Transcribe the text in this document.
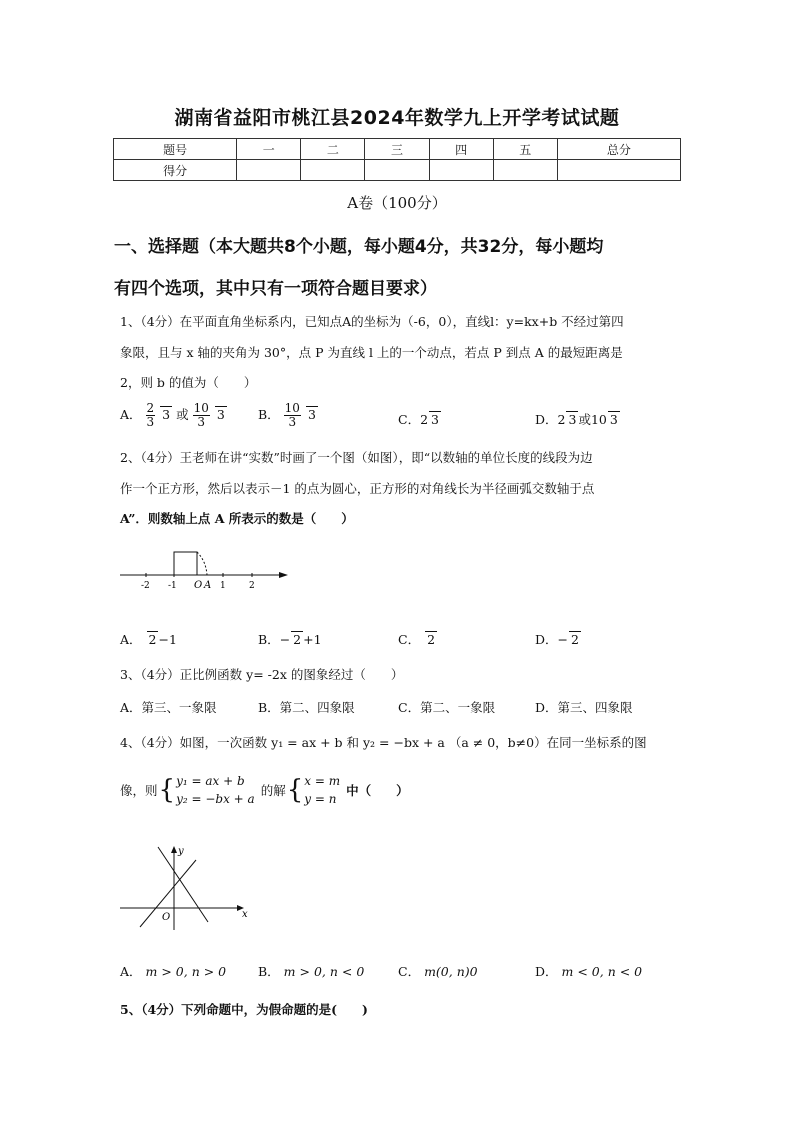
湖南省益阳市桃江县2024年数学九上开学考试试题
题号	一	二	三	四	五	总分
得分						
A卷（100分）
一、选择题（本大题共8个小题，每小题4分，共32分，每小题均
有四个选项，其中只有一项符合题目要求）
1、（4分）在平面直角坐标系内，已知点A的坐标为（-6，0），直线l：y=kx+b 不经过第四
象限，且与 x 轴的夹角为 30°，点 P 为直线 l 上的一个动点，若点 P 到点 A 的最短距离是
2，则 b 的值为（　　）
A． $\frac{2}{3} 3$ 或 $\frac{10}{3} 3$	B． $\frac{10}{3} 3$	C．2 3	D．2 3 或10 3
2、（4分）王老师在讲“实数”时画了一个图（如图），即“以数轴的单位长度的线段为边
作一个正方形，然后以表示－1 的点为圆心，正方形的对角线长为半径画弧交数轴于点
A”．则数轴上点 A 所表示的数是（　　）
-2 -1 O A 1	2
A． 2 −1	B．− 2 +1	C． 2	D．− 2
3、（4分）正比例函数 y= -2x 的图象经过（　　）
A．第三、一象限	B．第二、四象限	C．第二、一象限	D．第三、四象限
4、（4分）如图，一次函数 y₁ = ax + b 和 y₂ = −bx + a （a ≠ 0，b≠0）在同一坐标系的图
像，则 { y₁ = ax + b
y₂ = −bx + a
的解 { x = m
y = n
中（　　）
x
y
O
A． m > 0, n > 0	B． m > 0, n < 0	C． m(0, n)0	D． m < 0, n < 0
5、（4分）下列命题中，为假命题的是(　　)
